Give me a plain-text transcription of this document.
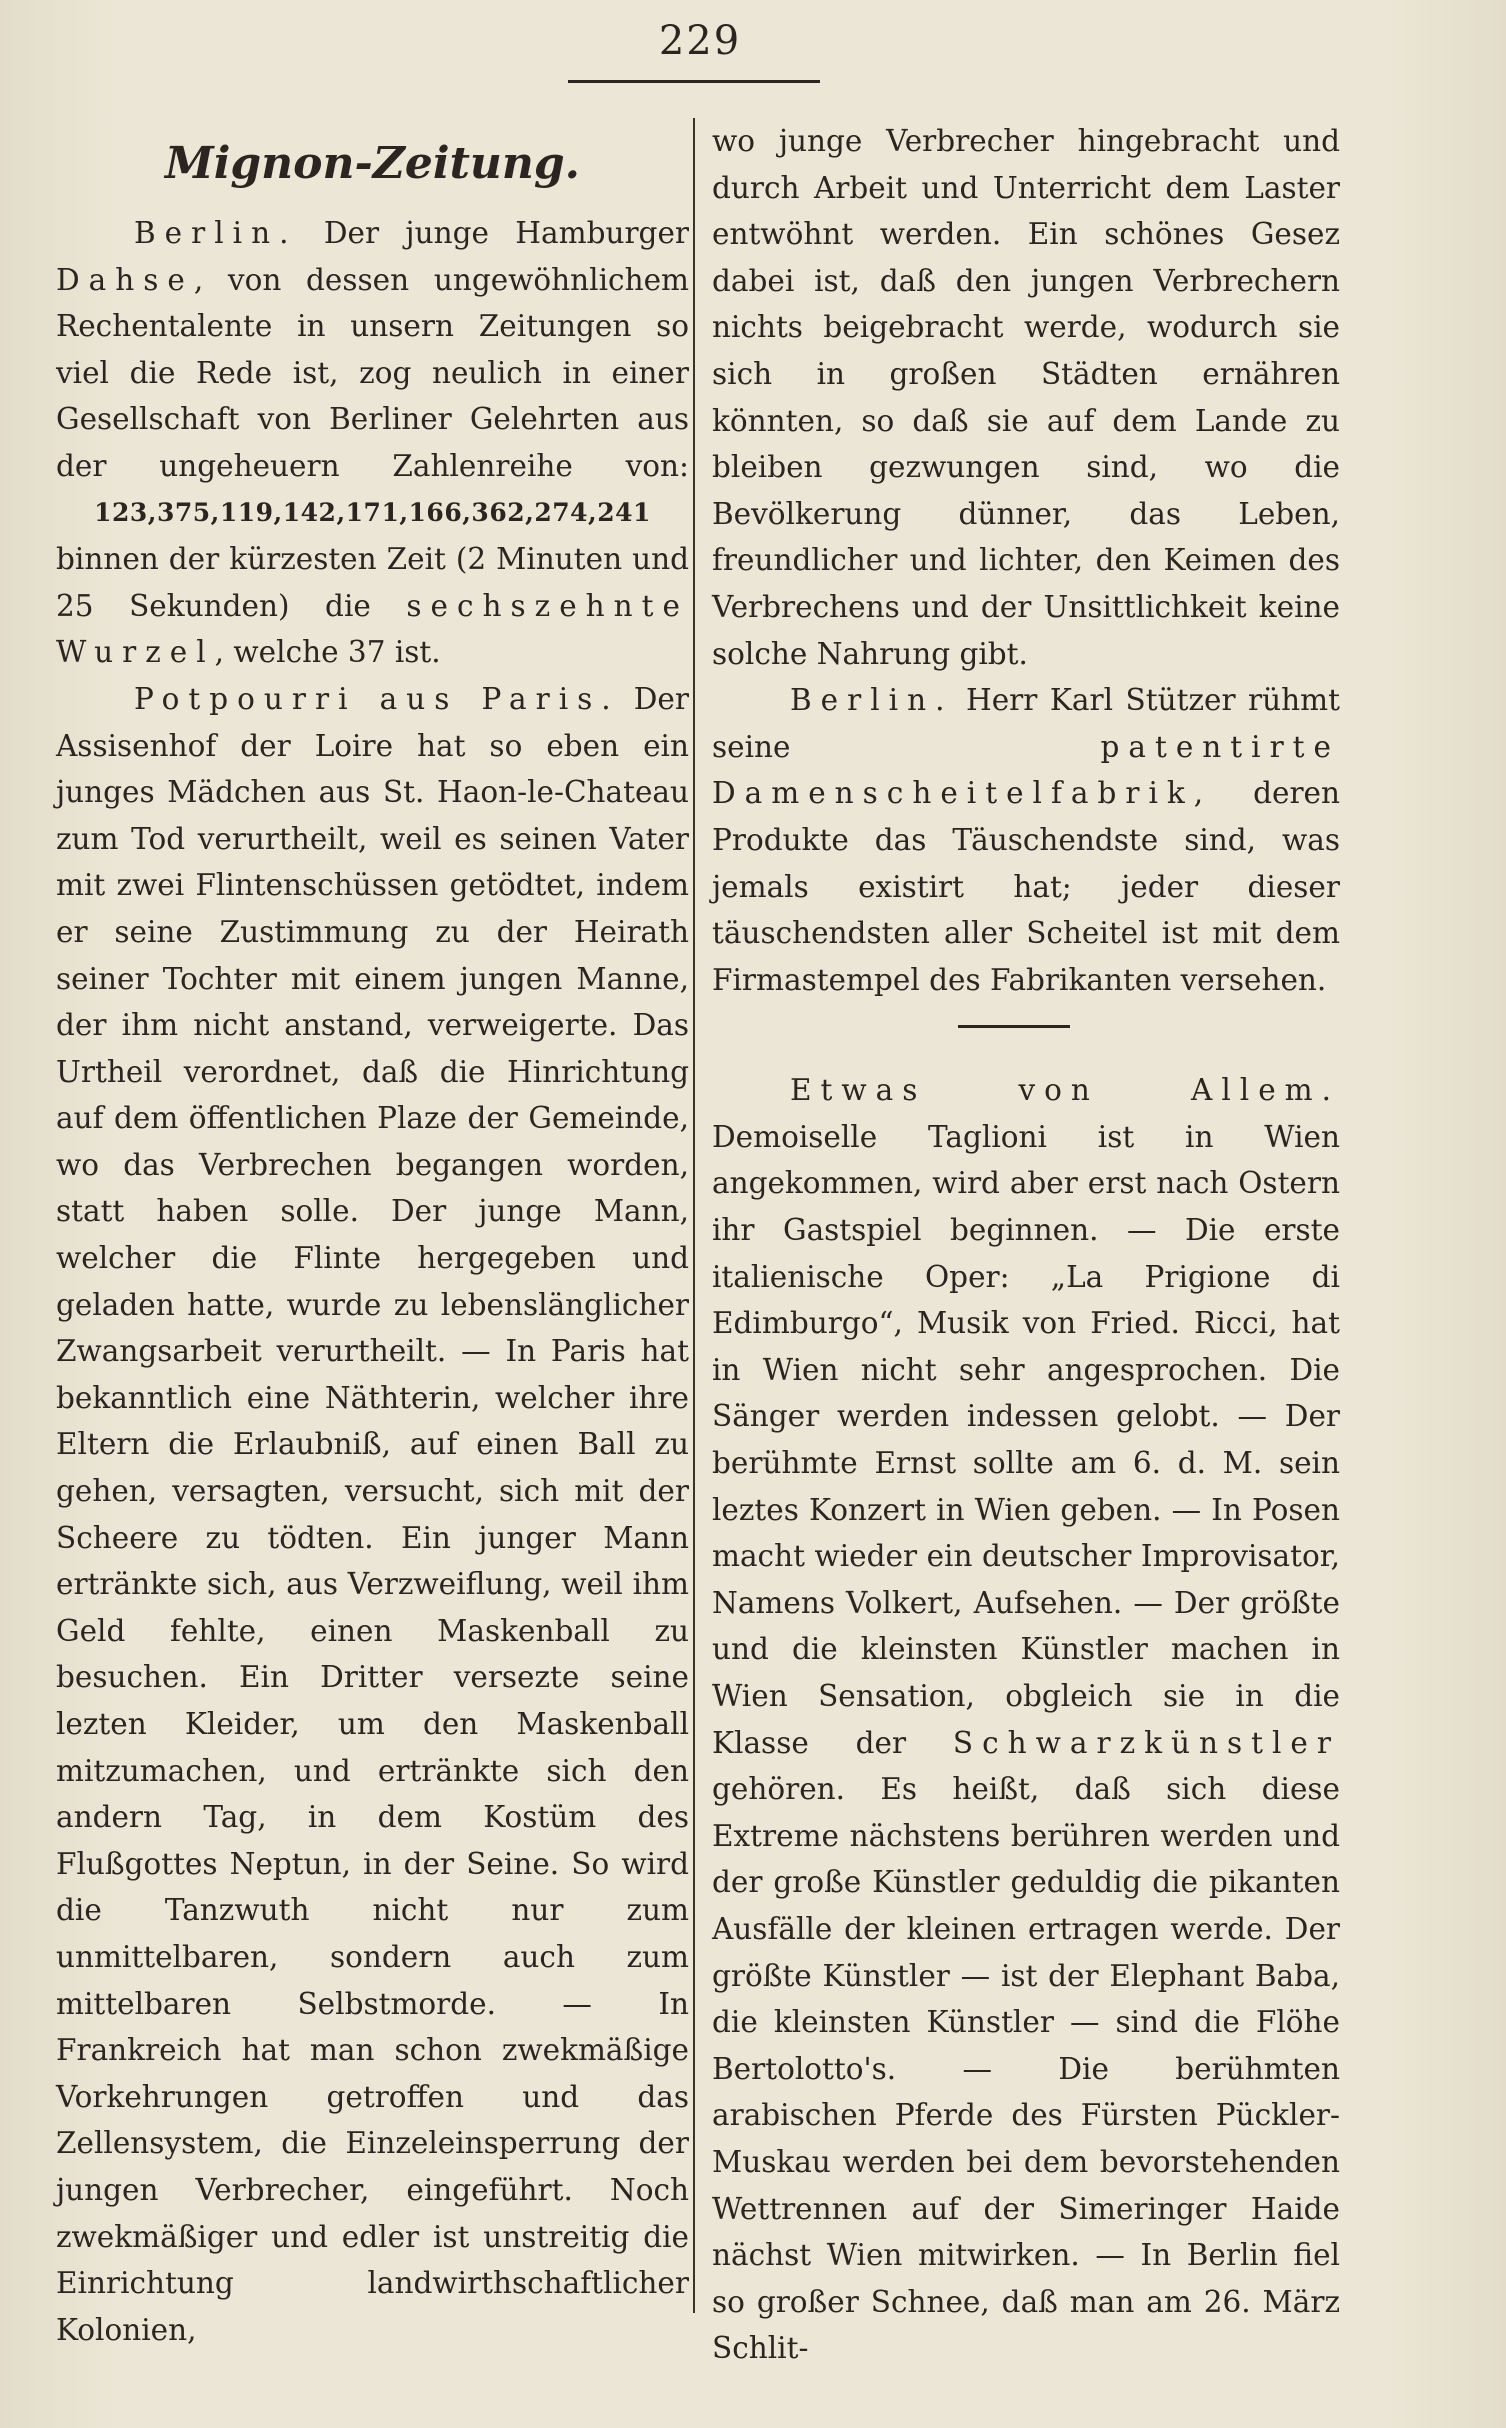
229
Mignon-Zeitung.

Berlin. Der junge Hamburger Dahse, von dessen ungewöhnlichem Rechentalente in unsern Zeitungen so viel die Rede ist, zog neulich in einer Gesellschaft von Berliner Gelehrten aus der ungeheuern Zahlenreihe von:

123,375,119,142,171,166,362,274,241

binnen der kürzesten Zeit (2 Minuten und 25 Sekunden) die sechszehnte Wurzel, welche 37 ist.

Potpourri aus Paris. Der Assisenhof der Loire hat so eben ein junges Mädchen aus St. Haon-le-Chateau zum Tod verurtheilt, weil es seinen Vater mit zwei Flintenschüssen getödtet, indem er seine Zustimmung zu der Heirath seiner Tochter mit einem jungen Manne, der ihm nicht anstand, verweigerte. Das Urtheil verordnet, daß die Hinrichtung auf dem öffentlichen Plaze der Gemeinde, wo das Verbrechen begangen worden, statt haben solle. Der junge Mann, welcher die Flinte hergegeben und geladen hatte, wurde zu lebenslänglicher Zwangsarbeit verurtheilt. — In Paris hat bekanntlich eine Näthterin, welcher ihre Eltern die Erlaubniß, auf einen Ball zu gehen, versagten, versucht, sich mit der Scheere zu tödten. Ein junger Mann ertränkte sich, aus Verzweiflung, weil ihm Geld fehlte, einen Maskenball zu besuchen. Ein Dritter versezte seine lezten Kleider, um den Maskenball mitzumachen, und ertränkte sich den andern Tag, in dem Kostüm des Flußgottes Neptun, in der Seine. So wird die Tanzwuth nicht nur zum unmittelbaren, sondern auch zum mittelbaren Selbstmorde. — In Frankreich hat man schon zwekmäßige Vorkehrungen getroffen und das Zellensystem, die Einzeleinsperrung der jungen Verbrecher, eingeführt. Noch zwekmäßiger und edler ist unstreitig die Einrichtung landwirthschaftlicher Kolonien,

wo junge Verbrecher hingebracht und durch Arbeit und Unterricht dem Laster entwöhnt werden. Ein schönes Gesez dabei ist, daß den jungen Verbrechern nichts beigebracht werde, wodurch sie sich in großen Städten ernähren könnten, so daß sie auf dem Lande zu bleiben gezwungen sind, wo die Bevölkerung dünner, das Leben, freundlicher und lichter, den Keimen des Verbrechens und der Unsittlichkeit keine solche Nahrung gibt.

Berlin. Herr Karl Stützer rühmt seine	patentirte Damenscheitelfabrik, deren Produkte das Täuschendste sind, was jemals existirt hat; jeder dieser täuschendsten aller Scheitel ist mit dem Firmastempel des Fabrikanten versehen.

Etwas von Allem. Demoiselle Taglioni ist in Wien angekommen, wird aber erst nach Ostern ihr Gastspiel beginnen. — Die erste italienische Oper: „La Prigione di Edimburgo“, Musik von Fried. Ricci, hat in Wien nicht sehr angesprochen. Die Sänger werden indessen gelobt. — Der berühmte Ernst sollte am 6. d. M. sein leztes Konzert in Wien geben. — In Posen macht wieder ein deutscher Improvisator, Namens Volkert, Aufsehen. — Der größte und die kleinsten Künstler machen in Wien Sensation, obgleich sie in die Klasse der Schwarzkünstler gehören. Es heißt, daß sich diese Extreme nächstens berühren werden und der große Künstler geduldig die pikanten Ausfälle der kleinen ertragen werde. Der größte Künstler — ist der Elephant Baba, die kleinsten Künstler — sind die Flöhe Bertolotto's. — Die berühmten arabischen Pferde des Fürsten Pückler-Muskau werden bei dem bevorstehenden Wettrennen auf der Simeringer Haide nächst Wien mitwirken. — In Berlin fiel so großer Schnee, daß man am 26. März Schlit-
